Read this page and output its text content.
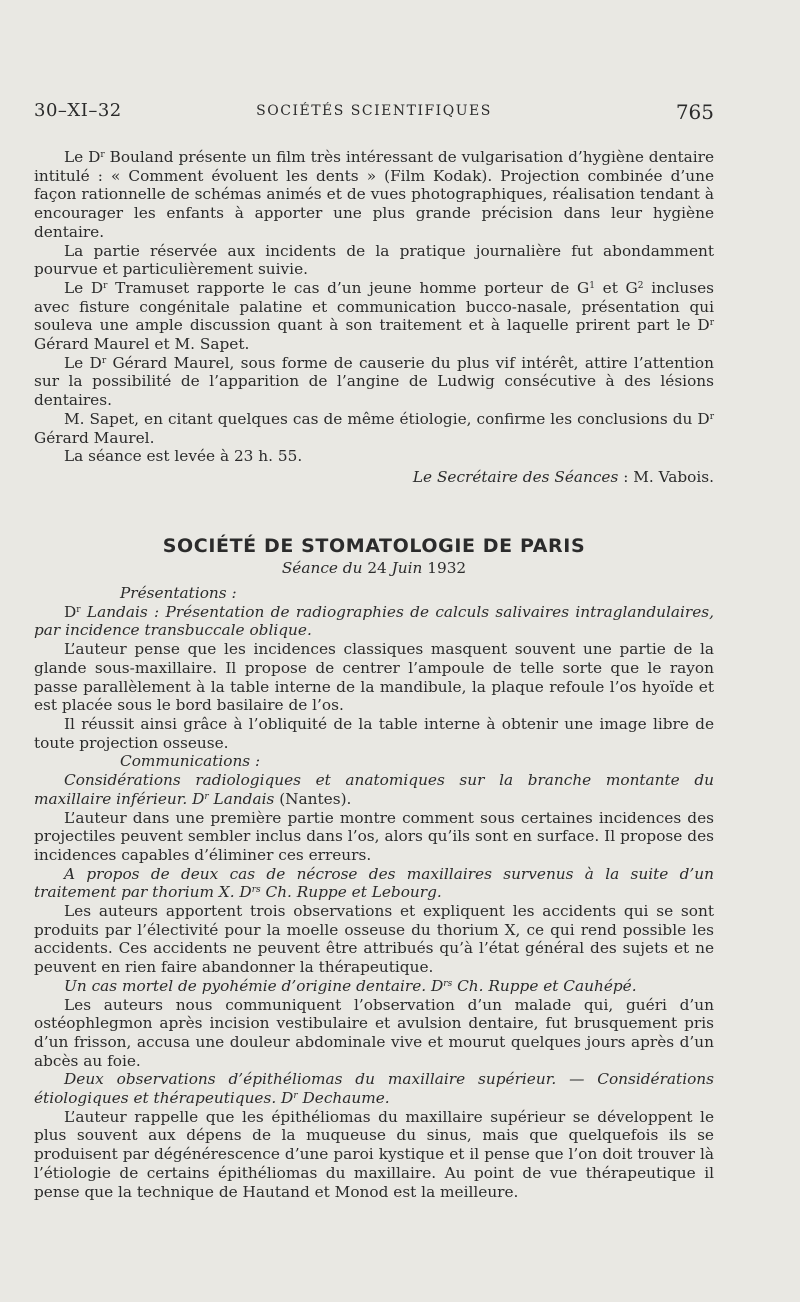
30–XI–32	SOCIÉTÉS SCIENTIFIQUES	765

Le $D^r$ Bouland présente un film très intéressant de vulgarisation d’hygiène dentaire intitulé : « Comment évoluent les dents » (Film Kodak). Projection combinée d’une façon rationnelle de schémas animés et de vues photographiques, réalisation tendant à encourager les enfants à apporter une plus grande précision dans leur hygiène dentaire.

La partie réservée aux incidents de la pratique journalière fut abondamment pourvue et particulièrement suivie.

Le $D^r$ Tramuset rapporte le cas d’un jeune homme porteur de $G^1$ et $G^2$ incluses avec fisture congénitale palatine et communication bucco-nasale, présentation qui souleva une ample discussion quant à son traitement et à laquelle prirent part le $D^r$ Gérard Maurel et M. Sapet.

Le $D^r$ Gérard Maurel, sous forme de causerie du plus vif intérêt, attire l’attention sur la possibilité de l’apparition de l’angine de Ludwig consécutive à des lésions dentaires.

M. Sapet, en citant quelques cas de même étiologie, confirme les conclusions du $D^r$ Gérard Maurel.

La séance est levée à 23 h. 55.

Le Secrétaire des Séances : M. Vabois.
SOCIÉTÉ DE STOMATOLOGIE DE PARIS
Séance du 24 Juin 1932

Présentations :

$D^r$ Landais : Présentation de radiographies de calculs salivaires intraglandulaires, par incidence transbuccale oblique.

L’auteur pense que les incidences classiques masquent souvent une partie de la glande sous-maxillaire. Il propose de centrer l’ampoule de telle sorte que le rayon passe parallèlement à la table interne de la mandibule, la plaque refoule l’os hyoïde et est placée sous le bord basilaire de l’os.

Il réussit ainsi grâce à l’obliquité de la table interne à obtenir une image libre de toute projection osseuse.

Communications :

Considérations radiologiques et anatomiques sur la branche montante du maxillaire inférieur. $D^r$ Landais (Nantes).

L’auteur dans une première partie montre comment sous certaines incidences des projectiles peuvent sembler inclus dans l’os, alors qu’ils sont en surface. Il propose des incidences capables d’éliminer ces erreurs.

A propos de deux cas de nécrose des maxillaires survenus à la suite d’un traitement par thorium X. $D^{rs}$ Ch. Ruppe et Lebourg.

Les auteurs apportent trois observations et expliquent les accidents qui se sont produits par l’électivité pour la moelle osseuse du thorium X, ce qui rend possible les accidents. Ces accidents ne peuvent être attribués qu’à l’état général des sujets et ne peuvent en rien faire abandonner la thérapeutique.

Un cas mortel de pyohémie d’origine dentaire. $D^{rs}$ Ch. Ruppe et Cauhépé.

Les auteurs nous communiquent l’observation d’un malade qui, guéri d’un ostéophlegmon après incision vestibulaire et avulsion dentaire, fut brusquement pris d’un frisson, accusa une douleur abdominale vive et mourut quelques jours après d’un abcès au foie.

Deux observations d’épithéliomas du maxillaire supérieur. — Considérations étiologiques et thérapeutiques. $D^r$ Dechaume.

L’auteur rappelle que les épithéliomas du maxillaire supérieur se développent le plus souvent aux dépens de la muqueuse du sinus, mais que quelquefois ils se produisent par dégénérescence d’une paroi kystique et il pense que l’on doit trouver là l’étiologie de certains épithéliomas du maxillaire. Au point de vue thérapeutique il pense que la technique de Hautand et Monod est la meilleure.
